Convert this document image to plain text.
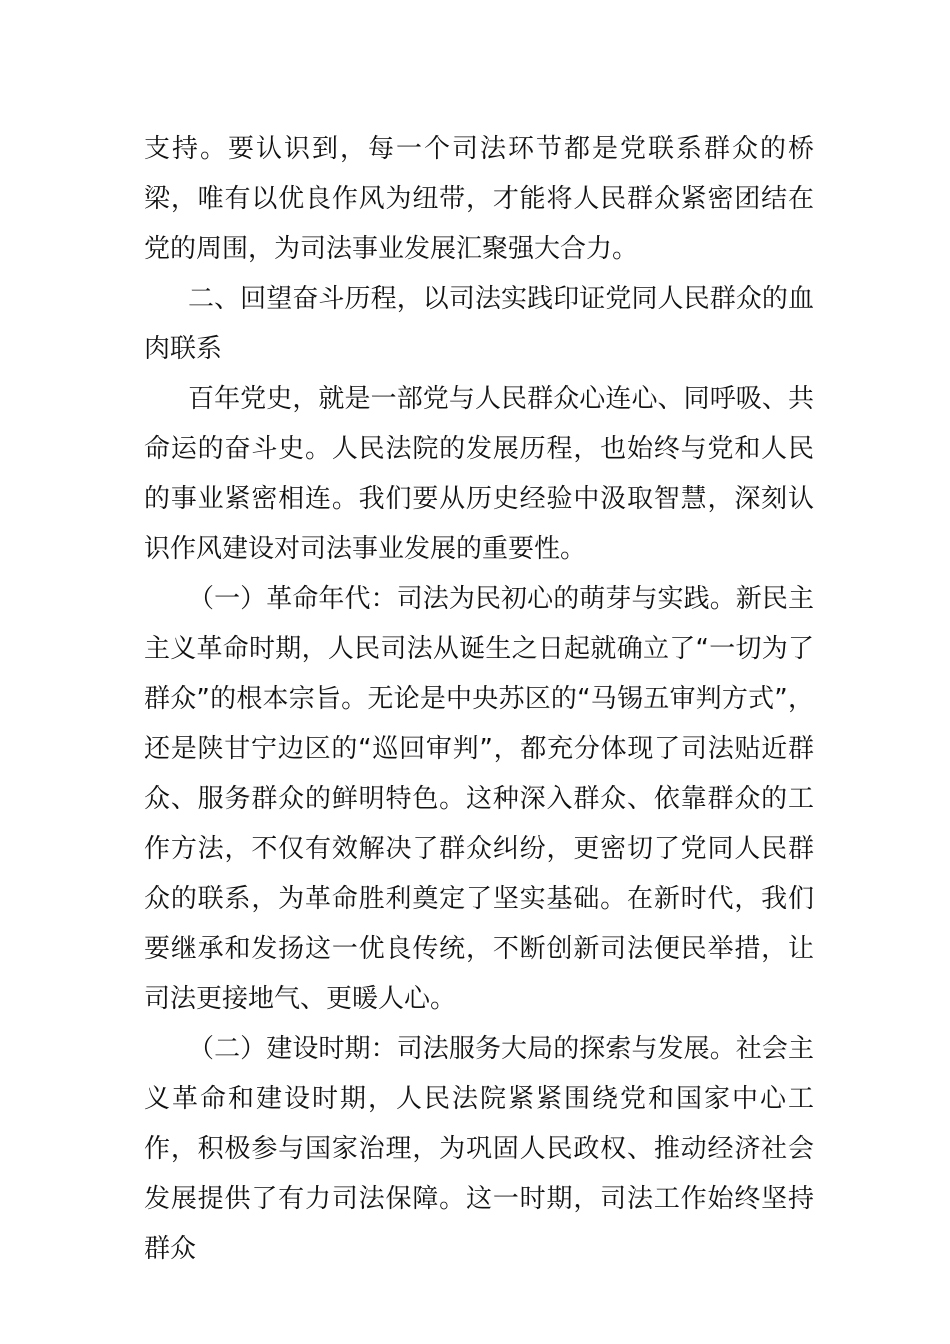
支持。要认识到，每一个司法环节都是党联系群众的桥梁，唯有以优良作风为纽带，才能将人民群众紧密团结在党的周围，为司法事业发展汇聚强大合力。

二、回望奋斗历程，以司法实践印证党同人民群众的血肉联系

百年党史，就是一部党与人民群众心连心、同呼吸、共命运的奋斗史。人民法院的发展历程，也始终与党和人民的事业紧密相连。我们要从历史经验中汲取智慧，深刻认识作风建设对司法事业发展的重要性。

（一）革命年代：司法为民初心的萌芽与实践。新民主主义革命时期，人民司法从诞生之日起就确立了“一切为了群众”的根本宗旨。无论是中央苏区的“马锡五审判方式”，还是陕甘宁边区的“巡回审判”，都充分体现了司法贴近群众、服务群众的鲜明特色。这种深入群众、依靠群众的工作方法，不仅有效解决了群众纠纷，更密切了党同人民群众的联系，为革命胜利奠定了坚实基础。在新时代，我们要继承和发扬这一优良传统，不断创新司法便民举措，让司法更接地气、更暖人心。

（二）建设时期：司法服务大局的探索与发展。社会主义革命和建设时期，人民法院紧紧围绕党和国家中心工作，积极参与国家治理，为巩固人民政权、推动经济社会发展提供了有力司法保障。这一时期，司法工作始终坚持群众
